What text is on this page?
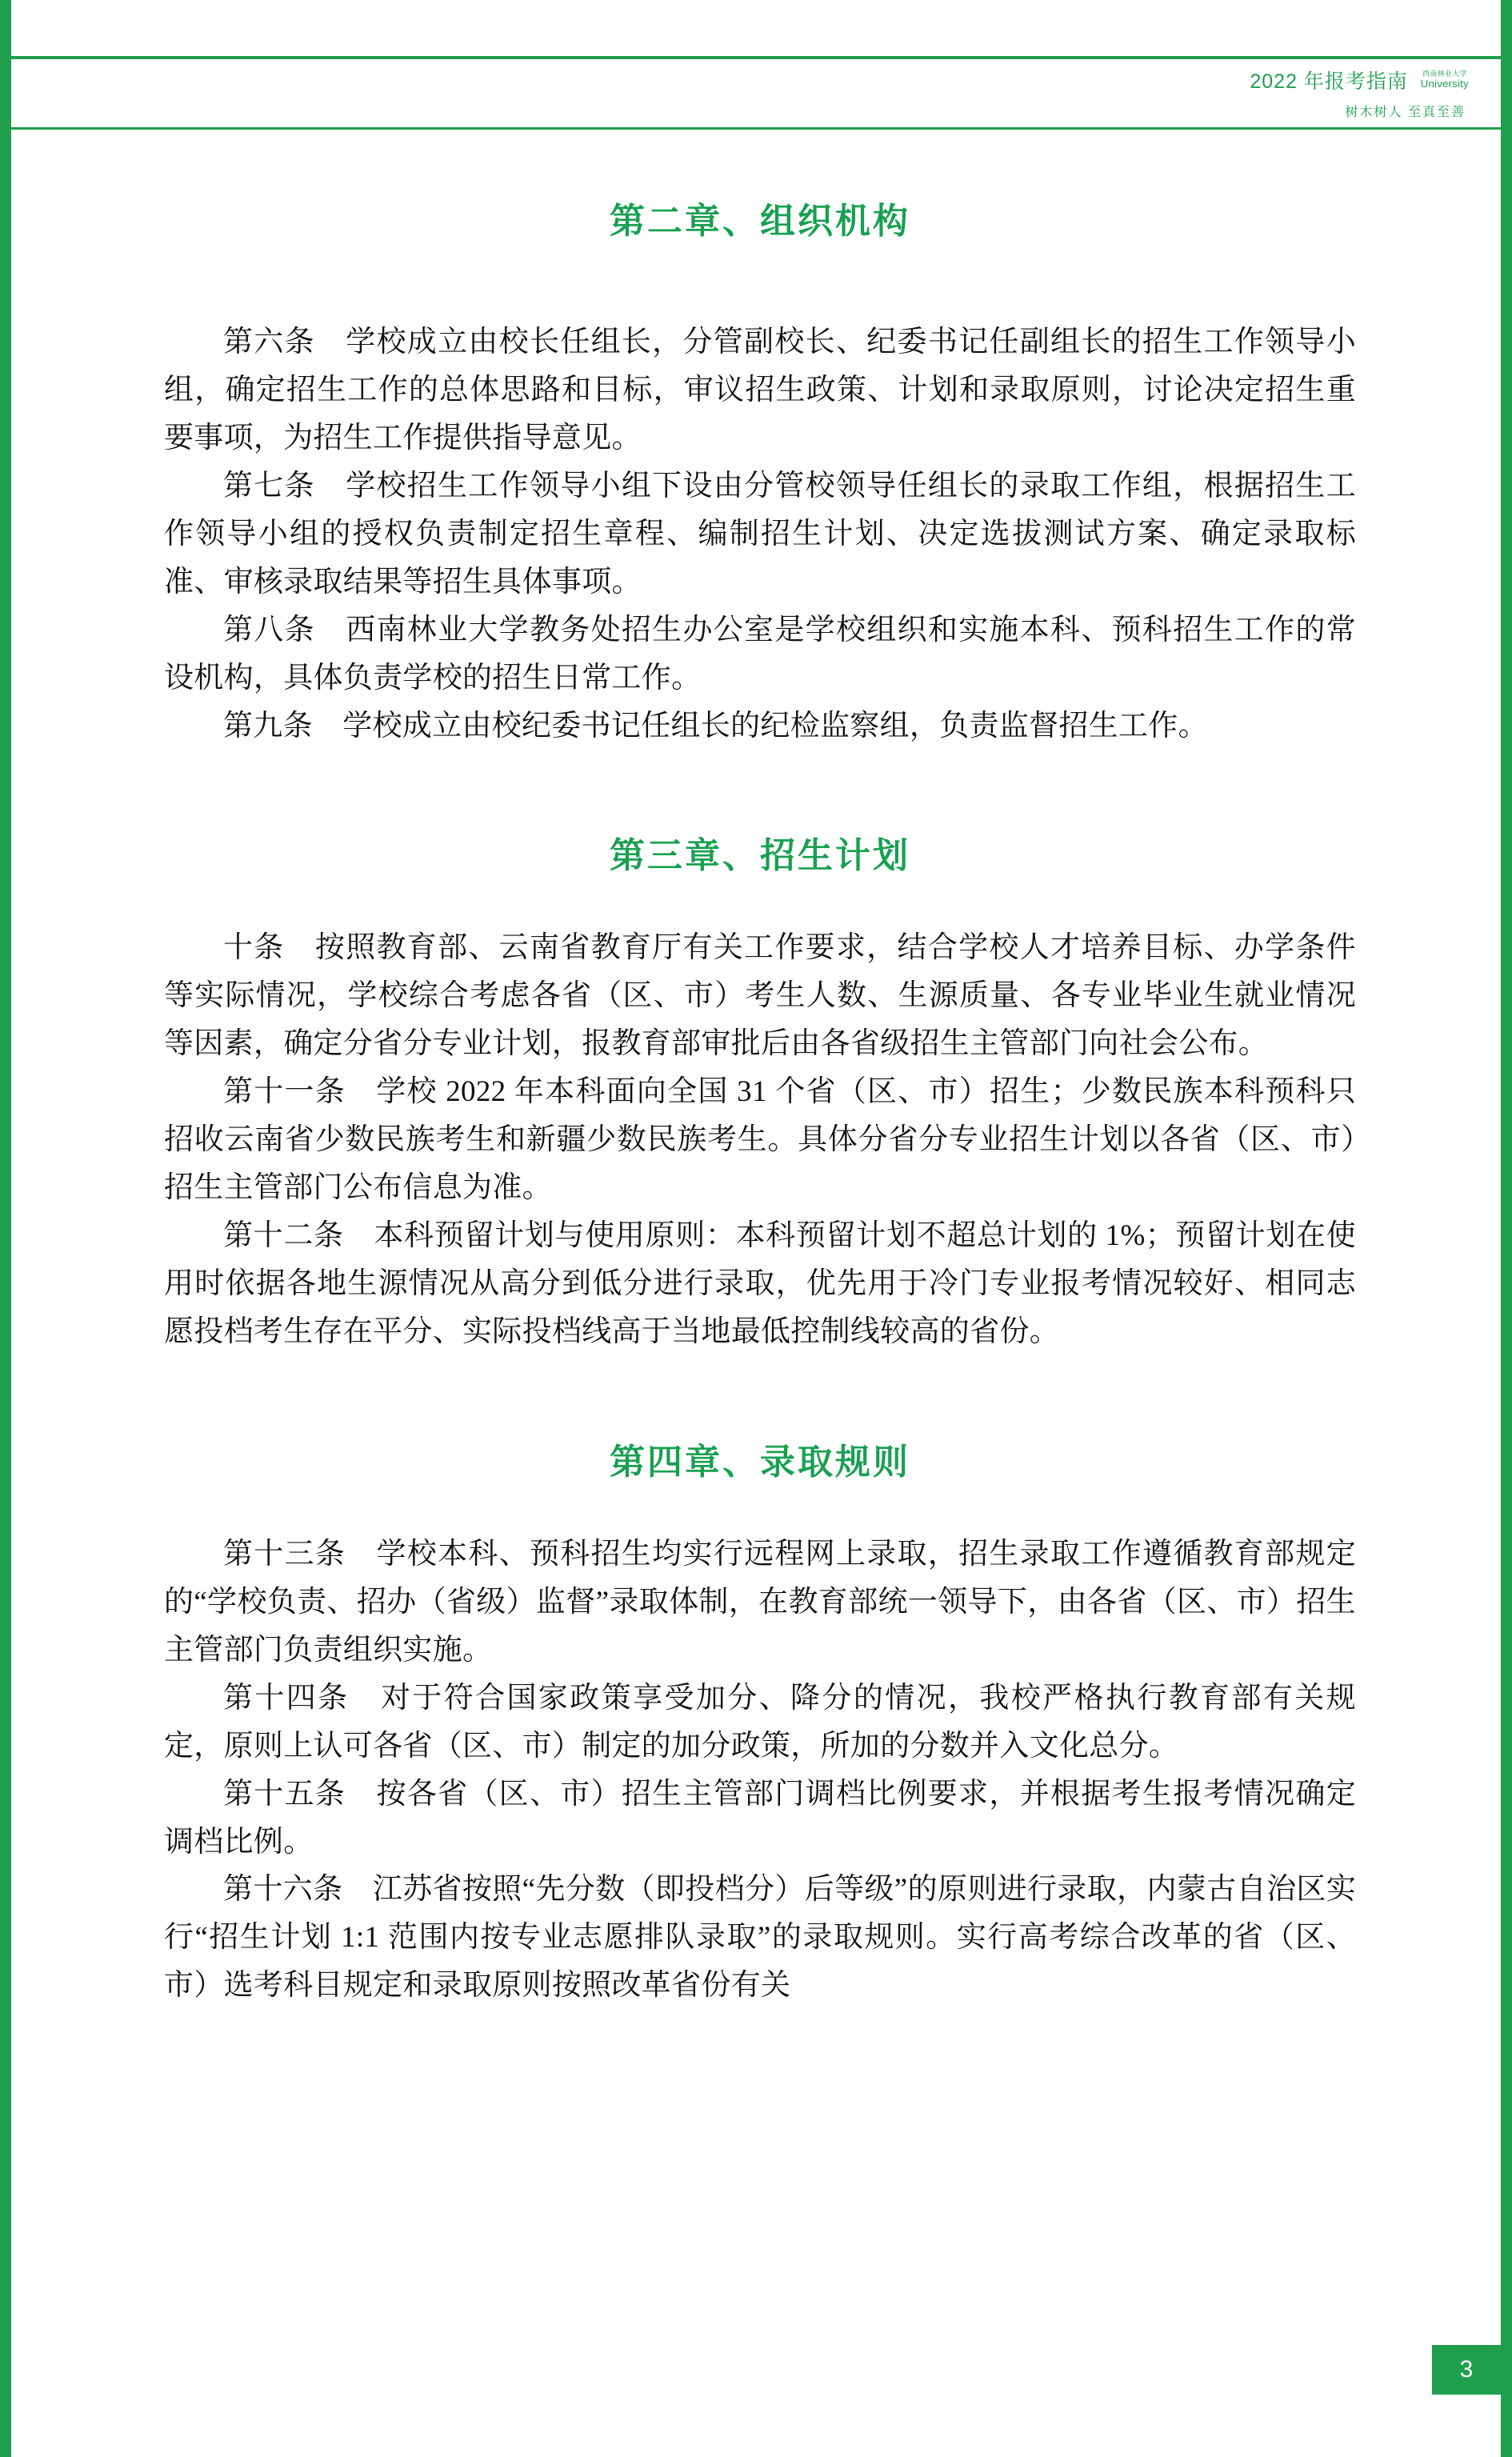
2022 年报考指南 西南林业大学
University
树木树人 至真至善
第二章、组织机构

第六条　学校成立由校长任组长，分管副校长、纪委书记任副组长的招生工作领导小组，确定招生工作的总体思路和目标，审议招生政策、计划和录取原则，讨论决定招生重要事项，为招生工作提供指导意见。

第七条　学校招生工作领导小组下设由分管校领导任组长的录取工作组，根据招生工作领导小组的授权负责制定招生章程、编制招生计划、决定选拔测试方案、确定录取标准、审核录取结果等招生具体事项。

第八条　西南林业大学教务处招生办公室是学校组织和实施本科、预科招生工作的常设机构，具体负责学校的招生日常工作。

第九条　学校成立由校纪委书记任组长的纪检监察组，负责监督招生工作。

第三章、招生计划

十条　按照教育部、云南省教育厅有关工作要求，结合学校人才培养目标、办学条件等实际情况，学校综合考虑各省（区、市）考生人数、生源质量、各专业毕业生就业情况等因素，确定分省分专业计划，报教育部审批后由各省级招生主管部门向社会公布。

第十一条　学校 2022 年本科面向全国 31 个省（区、市）招生；少数民族本科预科只招收云南省少数民族考生和新疆少数民族考生。具体分省分专业招生计划以各省（区、市）招生主管部门公布信息为准。

第十二条　本科预留计划与使用原则：本科预留计划不超总计划的 1%；预留计划在使用时依据各地生源情况从高分到低分进行录取，优先用于冷门专业报考情况较好、相同志愿投档考生存在平分、实际投档线高于当地最低控制线较高的省份。

第四章、录取规则

第十三条　学校本科、预科招生均实行远程网上录取，招生录取工作遵循教育部规定的“学校负责、招办（省级）监督”录取体制，在教育部统一领导下，由各省（区、市）招生主管部门负责组织实施。

第十四条　对于符合国家政策享受加分、降分的情况，我校严格执行教育部有关规定，原则上认可各省（区、市）制定的加分政策，所加的分数并入文化总分。

第十五条　按各省（区、市）招生主管部门调档比例要求，并根据考生报考情况确定调档比例。

第十六条　江苏省按照“先分数（即投档分）后等级”的原则进行录取，内蒙古自治区实行“招生计划 1:1 范围内按专业志愿排队录取”的录取规则。实行高考综合改革的省（区、市）选考科目规定和录取原则按照改革省份有关

3
